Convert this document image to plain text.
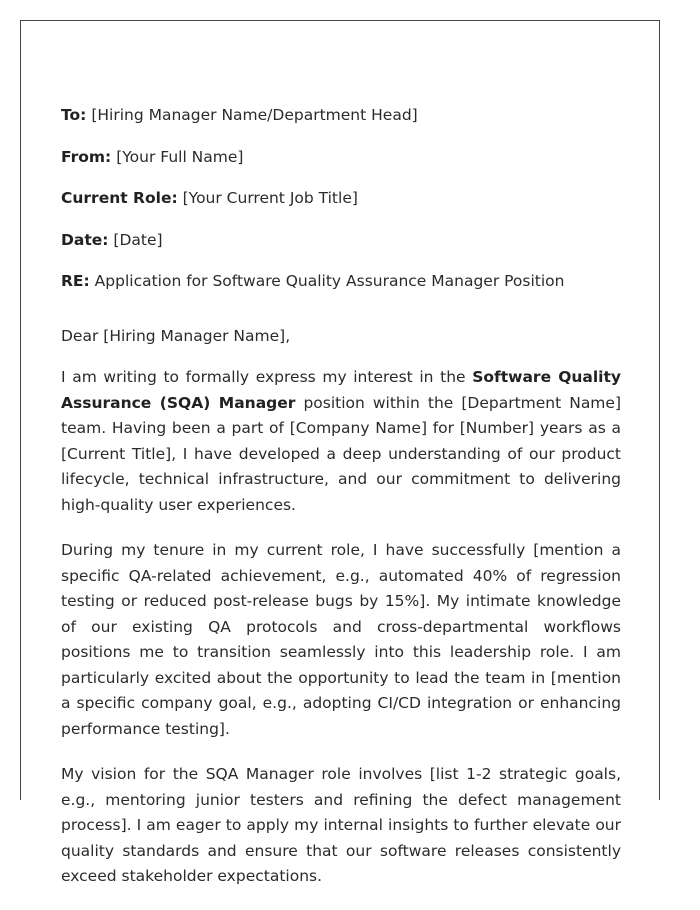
To: [Hiring Manager Name/Department Head]
From: [Your Full Name]
Current Role: [Your Current Job Title]
Date: [Date]
RE: Application for Software Quality Assurance Manager Position
Dear [Hiring Manager Name],
I am writing to formally express my interest in the Software Quality Assurance (SQA) Manager position within the [Department Name] team. Having been a part of [Company Name] for [Number] years as a [Current Title], I have developed a deep understanding of our product lifecycle, technical infrastructure, and our commitment to delivering high-quality user experiences.
During my tenure in my current role, I have successfully [mention a specific QA-related achievement, e.g., automated 40% of regression testing or reduced post-release bugs by 15%]. My intimate knowledge of our existing QA protocols and cross-departmental workflows positions me to transition seamlessly into this leadership role. I am particularly excited about the opportunity to lead the team in [mention a specific company goal, e.g., adopting CI/CD integration or enhancing performance testing].
My vision for the SQA Manager role involves [list 1-2 strategic goals, e.g., mentoring junior testers and refining the defect management process]. I am eager to apply my internal insights to further elevate our quality standards and ensure that our software releases consistently exceed stakeholder expectations.
